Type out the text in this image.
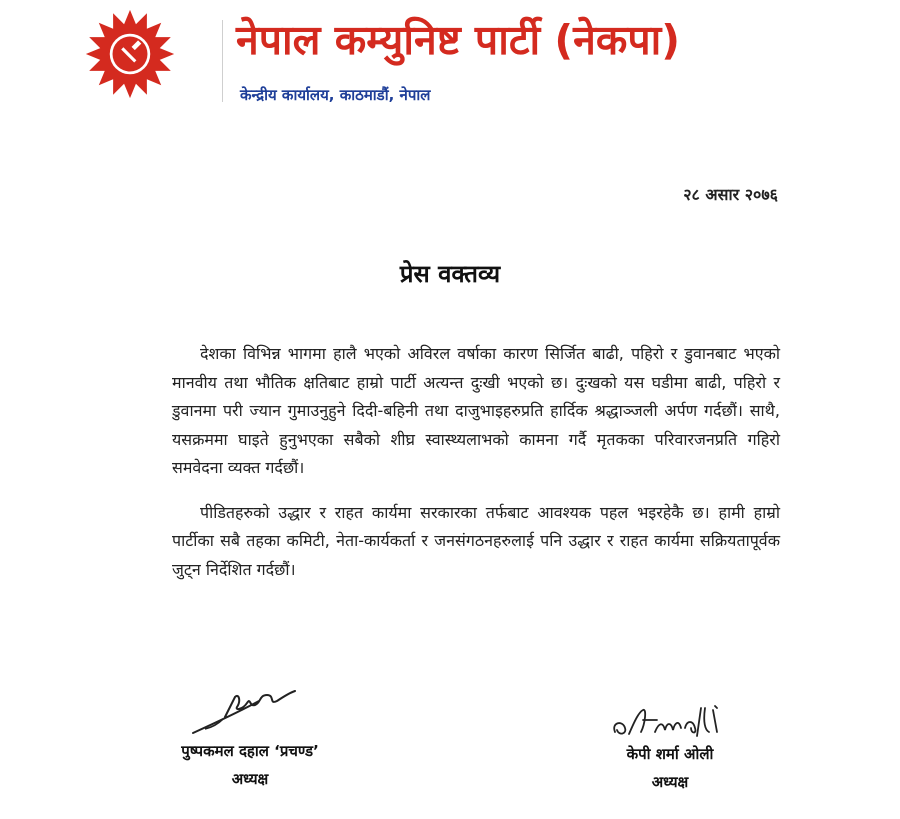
नेपाल कम्युनिष्ट पार्टी (नेकपा)
केन्द्रीय कार्यालय, काठमाडौं, नेपाल
२८ असार २०७६
प्रेस वक्तव्य

देशका विभिन्न भागमा हालै भएको अविरल वर्षाका कारण सिर्जित बाढी, पहिरो र डुवानबाट भएको मानवीय तथा भौतिक क्षतिबाट हाम्रो पार्टी अत्यन्त दुःखी भएको छ। दुःखको यस घडीमा बाढी, पहिरो र डुवानमा परी ज्यान गुमाउनुहुने दिदी-बहिनी तथा दाजुभाइहरुप्रति हार्दिक श्रद्धाञ्जली अर्पण गर्दछौं। साथै, यसक्रममा घाइते हुनुभएका सबैको शीघ्र स्वास्थ्यलाभको कामना गर्दै मृतकका परिवारजनप्रति गहिरो समवेदना व्यक्त गर्दछौं।

पीडितहरुको उद्धार र राहत कार्यमा सरकारका तर्फबाट आवश्यक पहल भइरहेकै छ। हामी हाम्रो पार्टीका सबै तहका कमिटी, नेता-कार्यकर्ता र जनसंगठनहरुलाई पनि उद्धार र राहत कार्यमा सक्रियतापूर्वक जुट्न निर्देशित गर्दछौं।

पुष्पकमल दहाल ‘प्रचण्ड’
अध्यक्ष
केपी शर्मा ओली
अध्यक्ष
